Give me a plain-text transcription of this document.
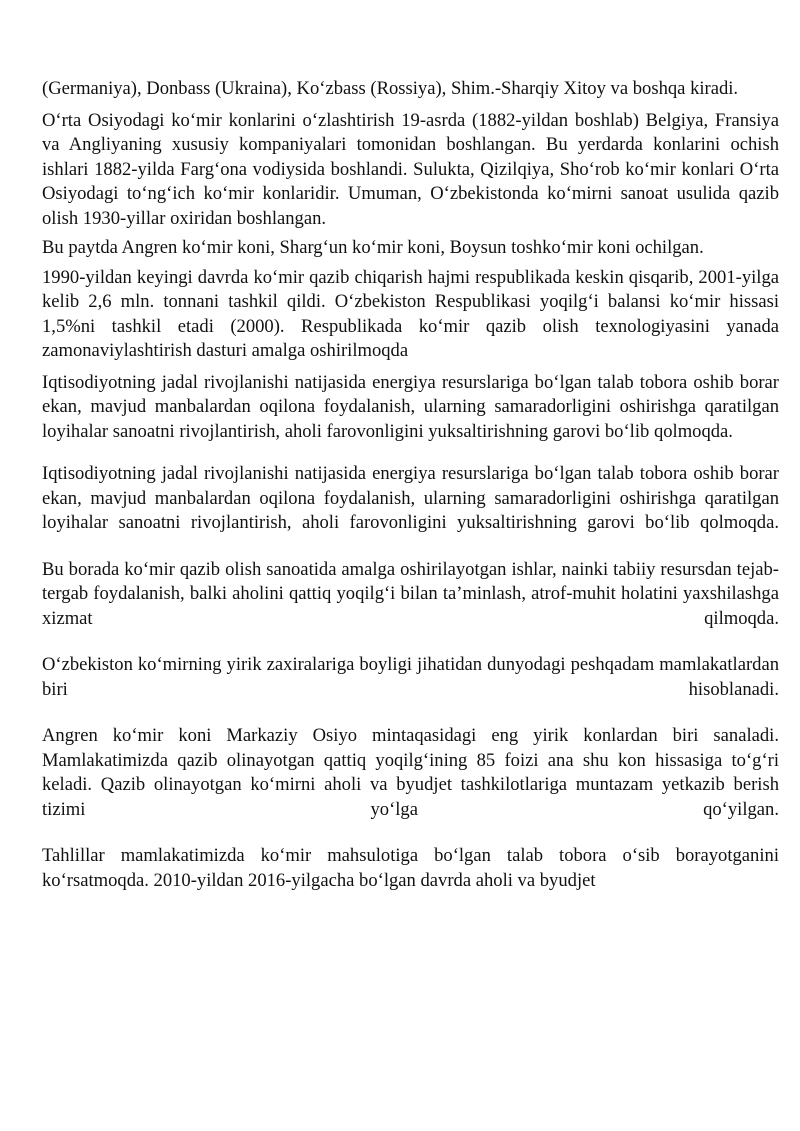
(Germaniya), Donbass (Ukraina), Ko‘zbass (Rossiya), Shim.-Sharqiy Xitoy va boshqa kiradi.

O‘rta Osiyodagi ko‘mir konlarini o‘zlashtirish 19-asrda (1882-yildan boshlab) Belgiya, Fransiya va Angliyaning xususiy kompaniyalari tomonidan boshlangan. Bu yerdarda konlarini ochish ishlari 1882-yilda Farg‘ona vodiysida boshlandi. Sulukta, Qizilqiya, Sho‘rob ko‘mir konlari O‘rta Osiyodagi to‘ng‘ich ko‘mir konlaridir. Umuman, O‘zbekistonda ko‘mirni sanoat usulida qazib olish 1930-yillar oxiridan boshlangan.

Bu paytda Angren ko‘mir koni, Sharg‘un ko‘mir koni, Boysun toshko‘mir koni ochilgan.

1990-yildan keyingi davrda ko‘mir qazib chiqarish hajmi respublikada keskin qisqarib, 2001-yilga kelib 2,6 mln. tonnani tashkil qildi. O‘zbekiston Respublikasi yoqilg‘i balansi ko‘mir hissasi 1,5%ni tashkil etadi (2000). Respublikada ko‘mir qazib olish texnologiyasini yanada zamonaviylashtirish dasturi amalga oshirilmoqda

Iqtisodiyotning jadal rivojlanishi natijasida energiya resurslariga bo‘lgan talab tobora oshib borar ekan, mavjud manbalardan oqilona foydalanish, ularning samaradorligini oshirishga qaratilgan loyihalar sanoatni rivojlantirish, aholi farovonligini yuksaltirishning garovi bo‘lib qolmoqda.

Iqtisodiyotning jadal rivojlanishi natijasida energiya resurslariga bo‘lgan talab tobora oshib borar ekan, mavjud manbalardan oqilona foydalanish, ularning samaradorligini oshirishga qaratilgan loyihalar sanoatni rivojlantirish, aholi farovonligini yuksaltirishning garovi bo‘lib qolmoqda.

Bu borada ko‘mir qazib olish sanoatida amalga oshirilayotgan ishlar, nainki tabiiy resursdan tejab-tergab foydalanish, balki aholini qattiq yoqilg‘i bilan ta’minlash, atrof-muhit holatini yaxshilashga xizmat qilmoqda.

O‘zbekiston ko‘mirning yirik zaxiralariga boyligi jihatidan dunyodagi peshqadam mamlakatlardan biri hisoblanadi.

Angren ko‘mir koni Markaziy Osiyo mintaqasidagi eng yirik konlardan biri sanaladi. Mamlakatimizda qazib olinayotgan qattiq yoqilg‘ining 85 foizi ana shu kon hissasiga to‘g‘ri keladi. Qazib olinayotgan ko‘mirni aholi va byudjet tashkilotlariga muntazam yetkazib berish tizimi yo‘lga qo‘yilgan.

Tahlillar mamlakatimizda ko‘mir mahsulotiga bo‘lgan talab tobora o‘sib borayotganini ko‘rsatmoqda. 2010-yildan 2016-yilgacha bo‘lgan davrda aholi va byudjet
